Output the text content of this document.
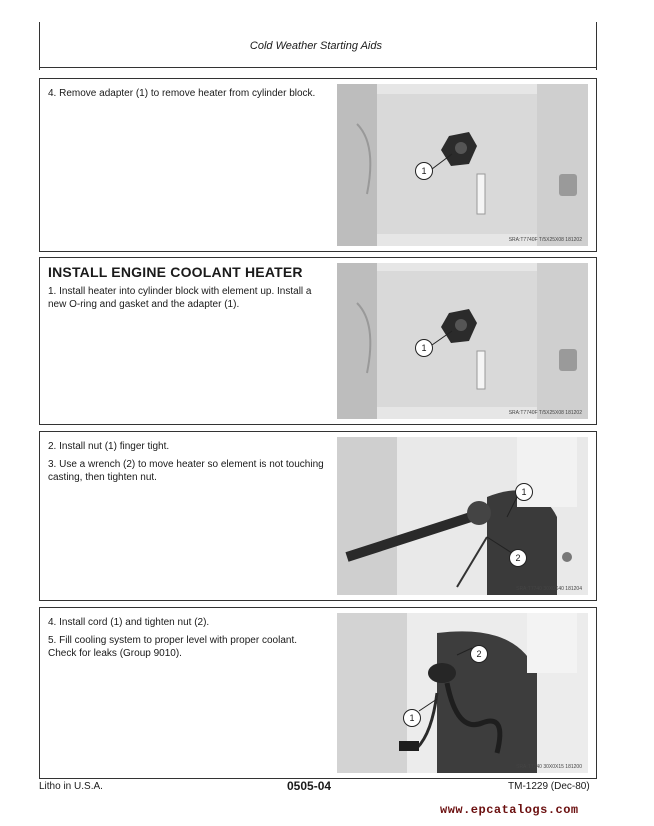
Cold Weather Starting Aids

4. Remove adapter (1) to remove heater from cylinder block.

1
SRA:T7740F T/5X25X08 181202
INSTALL ENGINE COOLANT HEATER

1. Install heater into cylinder block with element up. Install a new O-ring and gasket and the adapter (1).

1
SRA:T7740F T/5X25X08 181202

2. Install nut (1) finger tight.

3. Use a wrench (2) to move heater so element is not touching casting, then tighten nut.

1
2
SRA:T7740 30X0X40 181204

4. Install cord (1) and tighten nut (2).

5. Fill cooling system to proper level with proper coolant. Check for leaks (Group 9010).	2
1
SRA:T7740 30X0X15 181200
Litho in U.S.A.	0505-04	TM-1229 (Dec-80)
www.epcatalogs.com
